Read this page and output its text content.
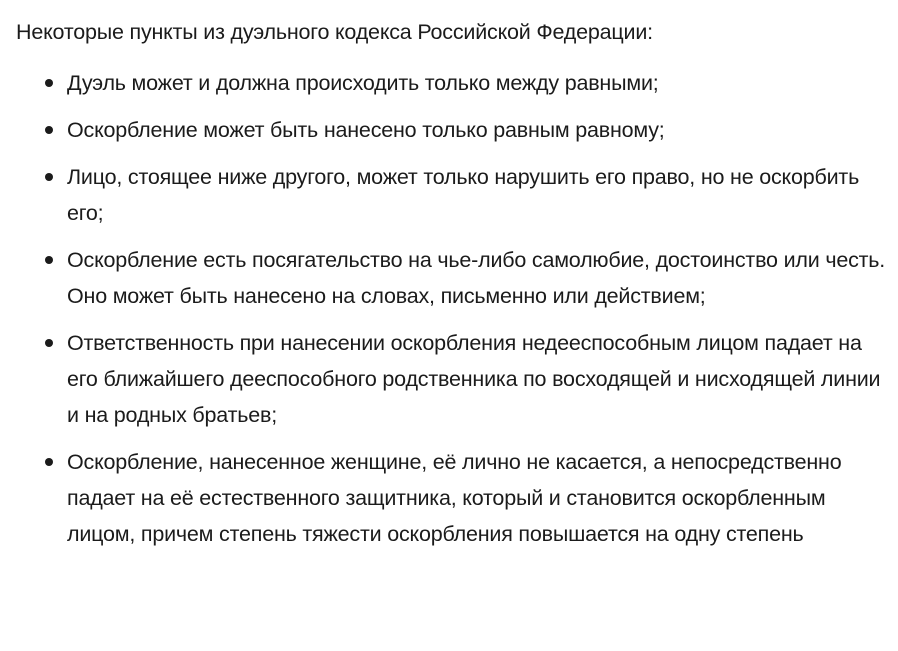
Некоторые пункты из дуэльного кодекса Российской Федерации:

Дуэль может и должна происходить только между равными;
Оскорбление может быть нанесено только равным равному;
Лицо, стоящее ниже другого, может только нарушить его право, но не оскорбить его;
Оскорбление есть посягательство на чье-либо самолюбие, достоинство или честь. Оно может быть нанесено на словах, письменно или действием;
Ответственность при нанесении оскорбления недееспособным лицом падает на его ближайшего дееспособного родственника по восходящей и нисходящей линии и на родных братьев;
Оскорбление, нанесенное женщине, её лично не касается, а непосредственно падает на её естественного защитника, который и становится оскорбленным лицом, причем степень тяжести оскорбления повышается на одну степень
